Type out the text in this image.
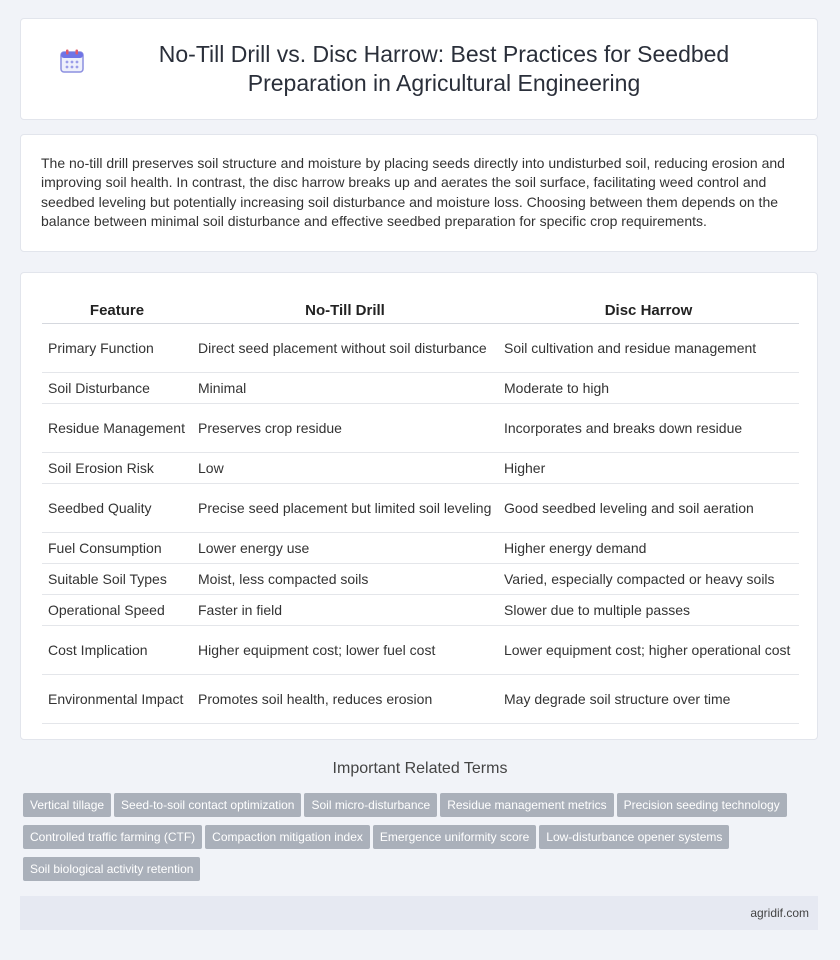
No-Till Drill vs. Disc Harrow: Best Practices for Seedbed Preparation in Agricultural Engineering

The no-till drill preserves soil structure and moisture by placing seeds directly into undisturbed soil, reducing erosion and improving soil health. In contrast, the disc harrow breaks up and aerates the soil surface, facilitating weed control and seedbed leveling but potentially increasing soil disturbance and moisture loss. Choosing between them depends on the balance between minimal soil disturbance and effective seedbed preparation for specific crop requirements.

Feature	No-Till Drill	Disc Harrow
Primary Function	Direct seed placement without soil disturbance	Soil cultivation and residue management
Soil Disturbance	Minimal	Moderate to high
Residue Management	Preserves crop residue	Incorporates and breaks down residue
Soil Erosion Risk	Low	Higher
Seedbed Quality	Precise seed placement but limited soil leveling	Good seedbed leveling and soil aeration
Fuel Consumption	Lower energy use	Higher energy demand
Suitable Soil Types	Moist, less compacted soils	Varied, especially compacted or heavy soils
Operational Speed	Faster in field	Slower due to multiple passes
Cost Implication	Higher equipment cost; lower fuel cost	Lower equipment cost; higher operational cost
Environmental Impact	Promotes soil health, reduces erosion	May degrade soil structure over time
Important Related Terms
Vertical tillage Seed-to-soil contact optimization Soil micro-disturbance Residue management metrics Precision seeding technologyControlled traffic farming (CTF) Compaction mitigation index Emergence uniformity score Low-disturbance opener systemsSoil biological activity retention
agridif.com
